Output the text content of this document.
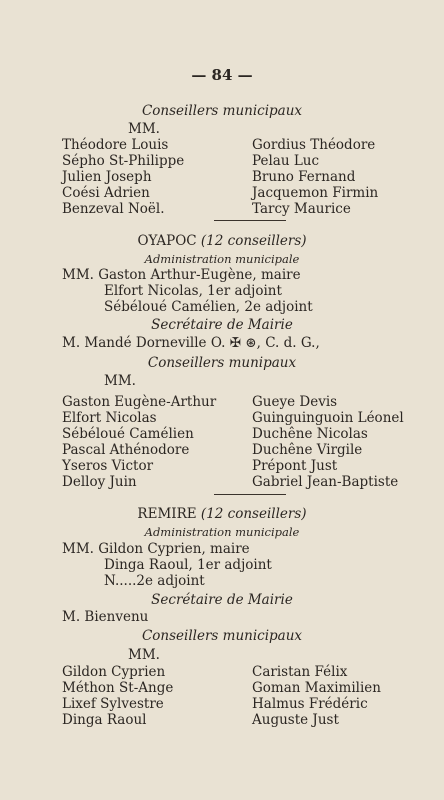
— 84 —
Conseillers municipaux
MM.
Théodore Louis	Gordius Théodore
Sépho St-Philippe	Pelau Luc
Julien Joseph	Bruno Fernand
Coési Adrien	Jacquemon Firmin
Benzeval Noël.	Tarcy Maurice
OYAPOC (12 conseillers)
Administration municipale
MM. Gaston Arthur-Eugène, maire
Elfort Nicolas, 1er adjoint
Sébéloué Camélien, 2e adjoint
Secrétaire de Mairie
M. Mandé Dorneville O. ✠ ⊛, C. d. G.,
Conseillers munipaux
MM.
Gaston Eugène-Arthur	Gueye Devis
Elfort Nicolas	Guinguinguoin Léonel
Sébéloué Camélien	Duchêne Nicolas
Pascal Athénodore	Duchêne Virgile
Yseros Victor	Prépont Just
Delloy Juin	Gabriel Jean-Baptiste
REMIRE (12 conseillers)
Administration municipale
MM. Gildon Cyprien, maire
Dinga Raoul, 1er adjoint
N.....2e adjoint
Secrétaire de Mairie
M. Bienvenu
Conseillers municipaux
MM.
Gildon Cyprien	Caristan Félix
Méthon St-Ange	Goman Maximilien
Lixef Sylvestre	Halmus Frédéric
Dinga Raoul	Auguste Just
